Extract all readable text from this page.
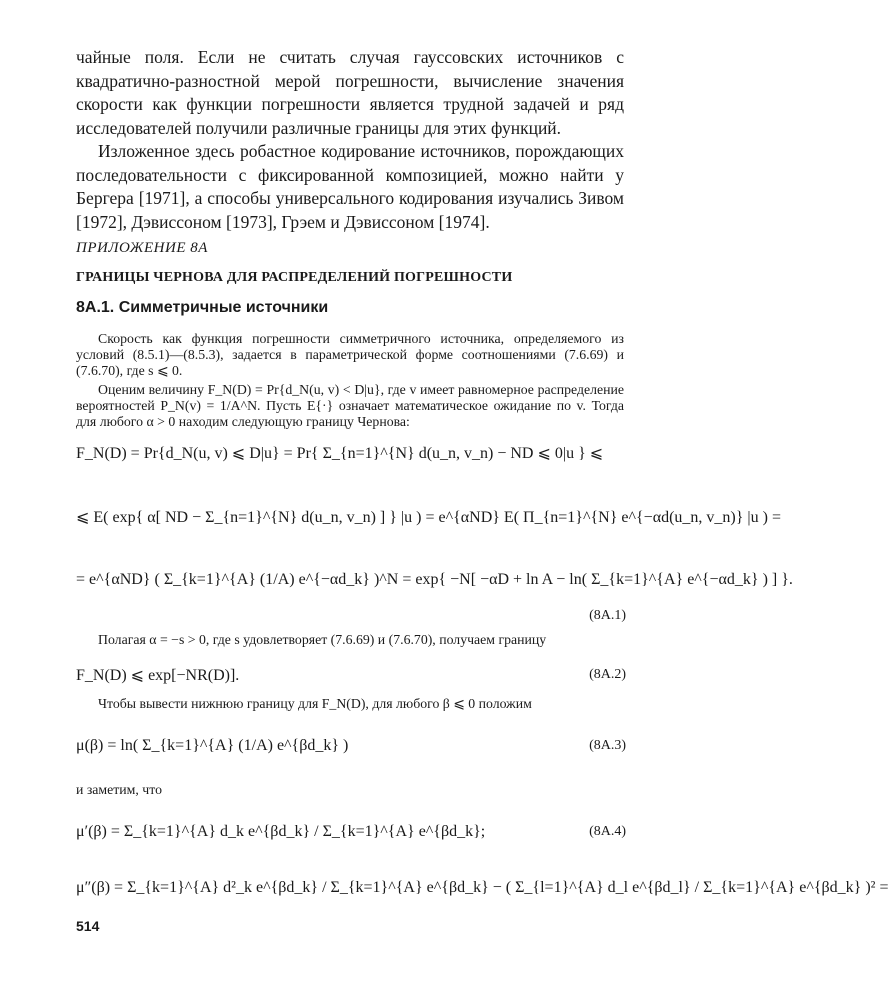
чайные поля. Если не считать случая гауссовских источников с квадратично-разностной мерой погрешности, вычисление значения скорости как функции погрешности является трудной задачей и ряд исследователей получили различные границы для этих функций.

Изложенное здесь робастное кодирование источников, порождающих последовательности с фиксированной композицией, можно найти у Бергера [1971], а способы универсального кодирования изучались Зивом [1972], Дэвиссоном [1973], Грэем и Дэвиссоном [1974].

ПРИЛОЖЕНИЕ 8А

ГРАНИЦЫ ЧЕРНОВА ДЛЯ РАСПРЕДЕЛЕНИЙ ПОГРЕШНОСТИ

8А.1. Симметричные источники

Скорость как функция погрешности симметричного источника, определяемого из условий (8.5.1)—(8.5.3), задается в параметрической форме соотношениями (7.6.69) и (7.6.70), где s ⩽ 0.

Оценим величину F_N(D) = Pr{d_N(u, v) < D|u}, где v имеет равномерное распределение вероятностей P_N(v) = 1/A^N. Пусть E{·} означает математическое ожидание по v. Тогда для любого α > 0 находим следующую границу Чернова:

F_N(D) = Pr{d_N(u, v) ⩽ D|u} = Pr{ Σ_{n=1}^{N} d(u_n, v_n) − ND ⩽ 0|u } ⩽

⩽ E( exp{ α[ ND − Σ_{n=1}^{N} d(u_n, v_n) ] } |u ) = e^{αND} E( Π_{n=1}^{N} e^{−αd(u_n, v_n)} |u ) =

= e^{αND} ( Σ_{k=1}^{A} (1/A) e^{−αd_k} )^N = exp{ −N[ −αD + ln A − ln( Σ_{k=1}^{A} e^{−αd_k} ) ] }.

(8А.1)

Полагая α = −s > 0, где s удовлетворяет (7.6.69) и (7.6.70), получаем границу

F_N(D) ⩽ exp[−NR(D)].	(8А.2)

Чтобы вывести нижнюю границу для F_N(D), для любого β ⩽ 0 положим

μ(β) = ln( Σ_{k=1}^{A} (1/A) e^{βd_k} )	(8А.3)

и заметим, что

μ′(β) = Σ_{k=1}^{A} d_k e^{βd_k} / Σ_{k=1}^{A} e^{βd_k};	(8А.4)

μ″(β) = Σ_{k=1}^{A} d²_k e^{βd_k} / Σ_{k=1}^{A} e^{βd_k} − ( Σ_{l=1}^{A} d_l e^{βd_l} / Σ_{k=1}^{A} e^{βd_k} )² =

514
